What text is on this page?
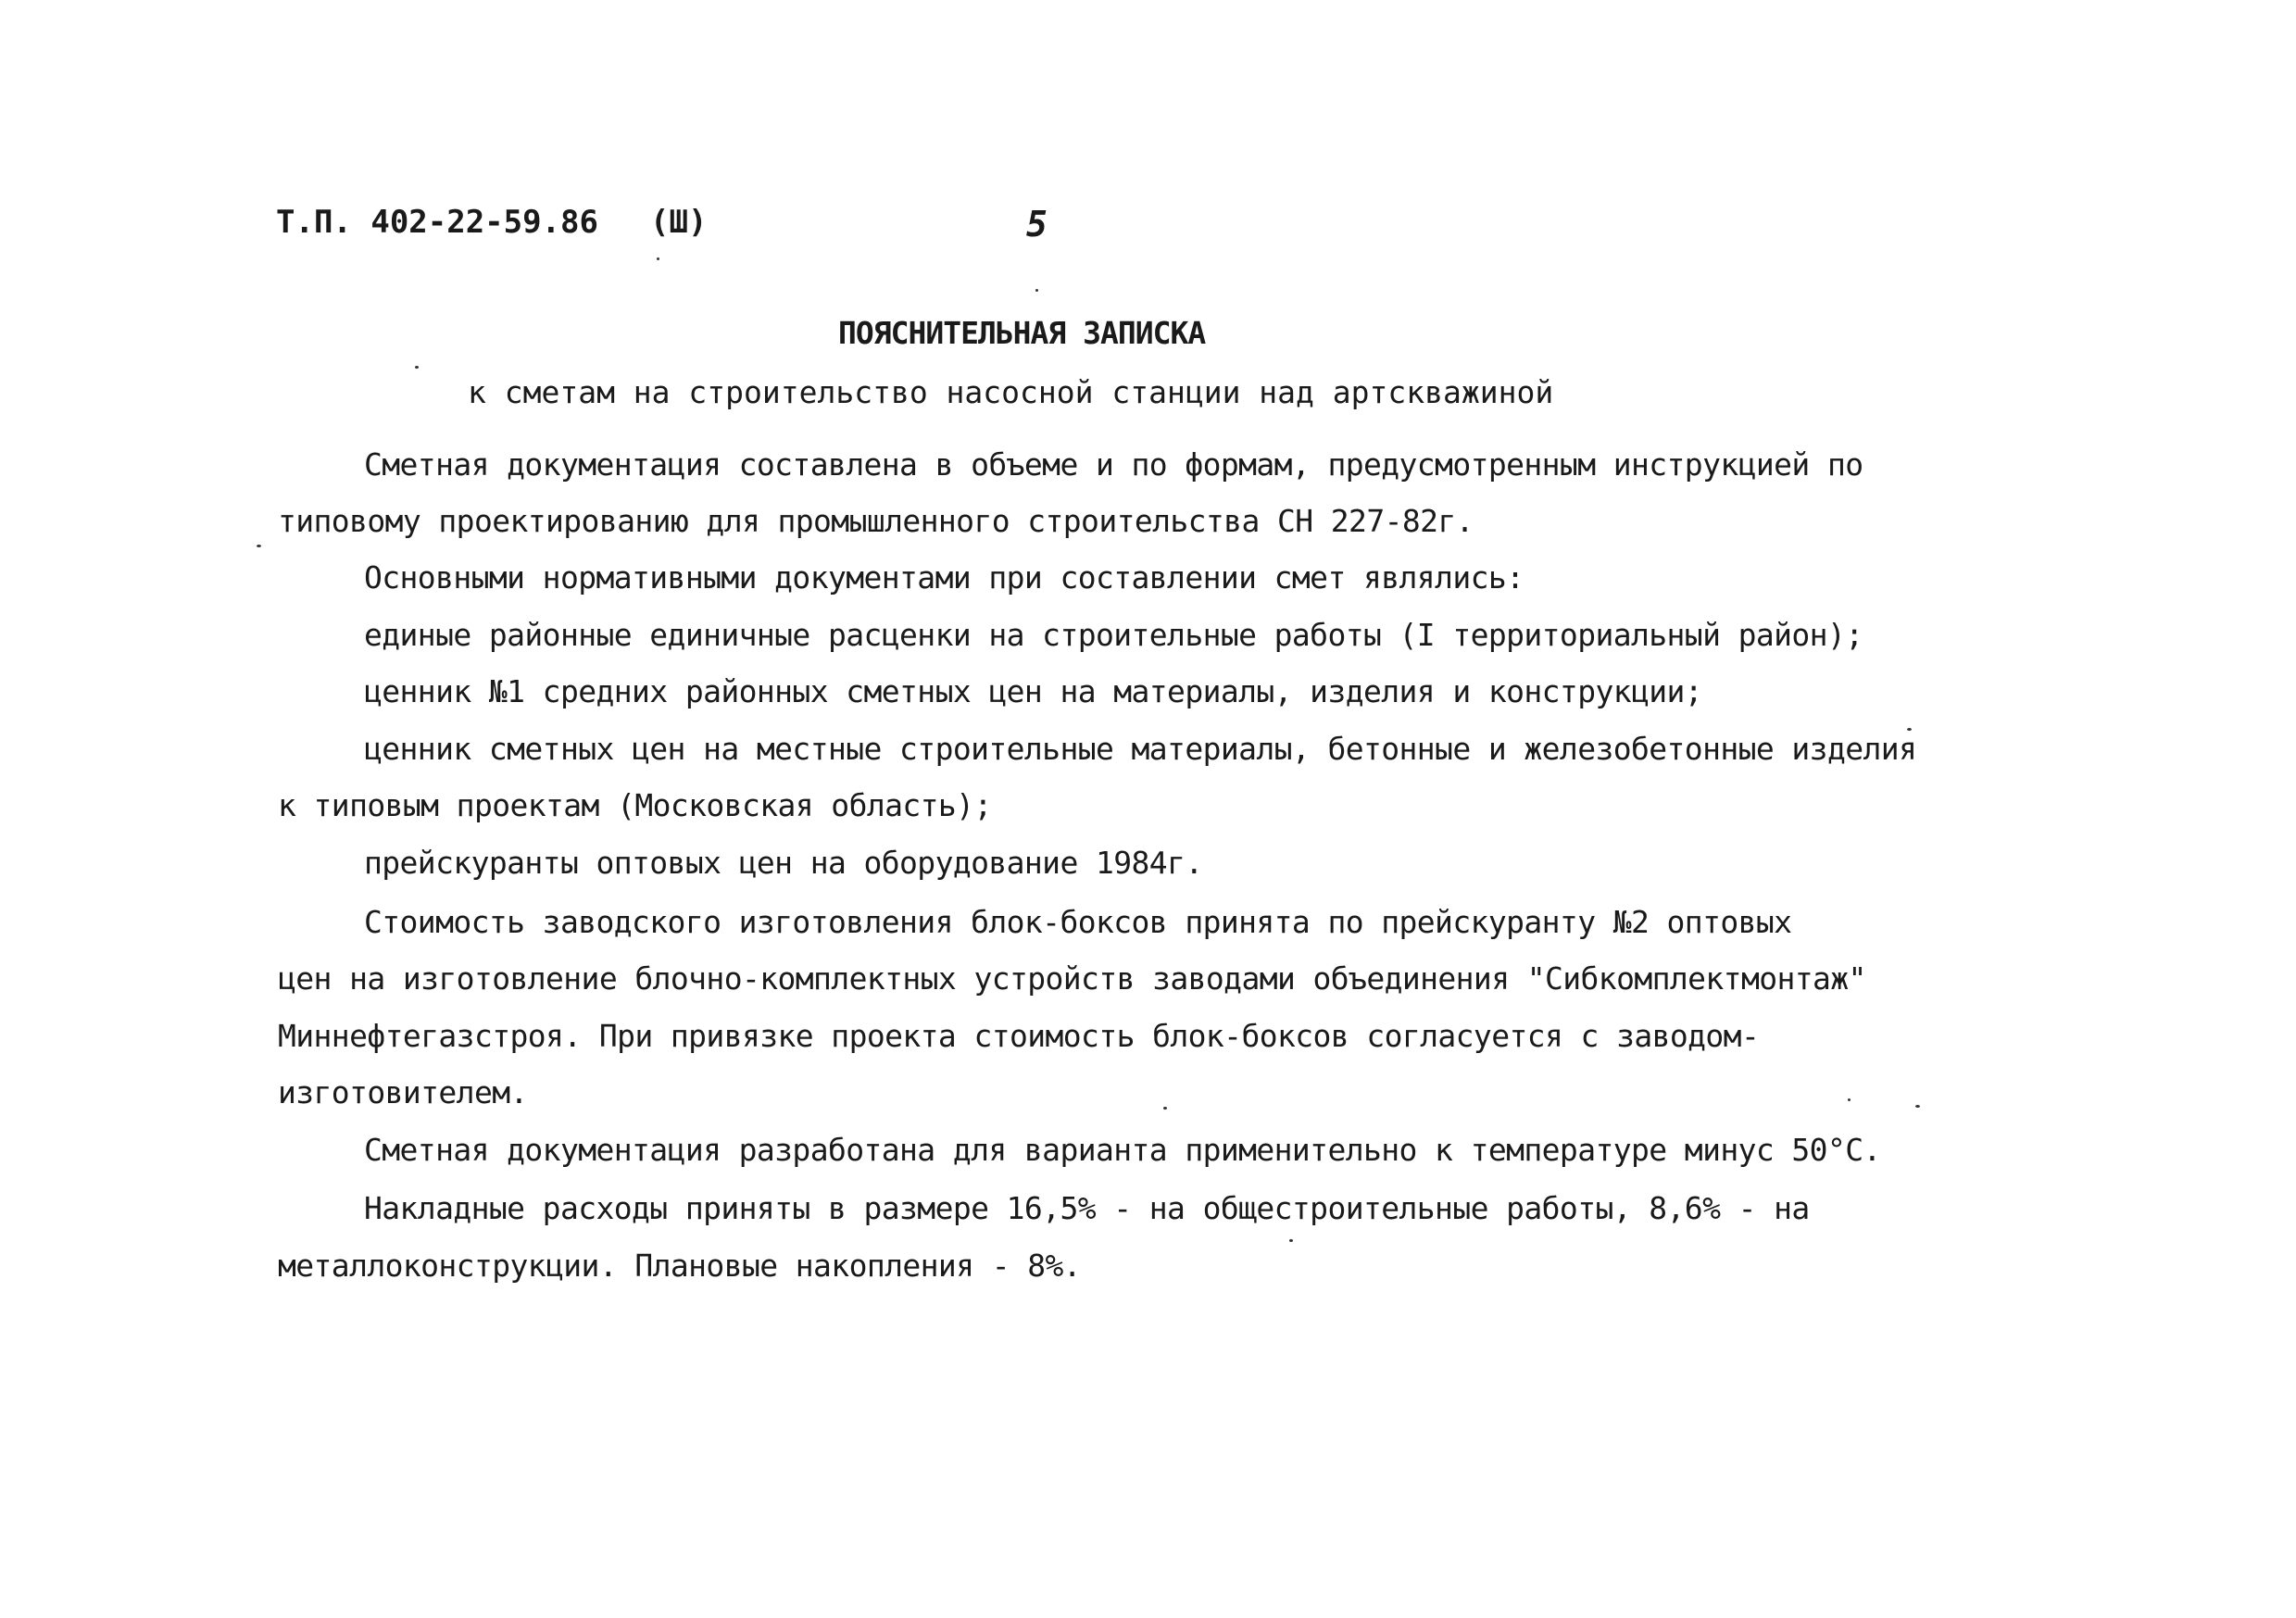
Т.П. 402-22-59.86 (Ш)	5
ПОЯСНИТЕЛЬНАЯ ЗАПИСКА
к сметам на строительство насосной станции над артскважиной
Сметная документация составлена в объеме и по формам, предусмотренным инструкцией по
типовому проектированию для промышленного строительства СН 227-82г.
Основными нормативными документами при составлении смет являлись:
единые районные единичные расценки на строительные работы (I территориальный район);
ценник №1 средних районных сметных цен на материалы, изделия и конструкции;
ценник сметных цен на местные строительные материалы, бетонные и железобетонные изделия
к типовым проектам (Московская область);
прейскуранты оптовых цен на оборудование 1984г.
Стоимость заводского изготовления блок-боксов принята по прейскуранту №2 оптовых
цен на изготовление блочно-комплектных устройств заводами объединения "Сибкомплектмонтаж"
Миннефтегазстроя. При привязке проекта стоимость блок-боксов согласуется с заводом-
изготовителем.
Сметная документация разработана для варианта применительно к температуре минус 50°С.
Накладные расходы приняты в размере 16,5% - на общестроительные работы, 8,6% - на
металлоконструкции. Плановые накопления - 8%.
